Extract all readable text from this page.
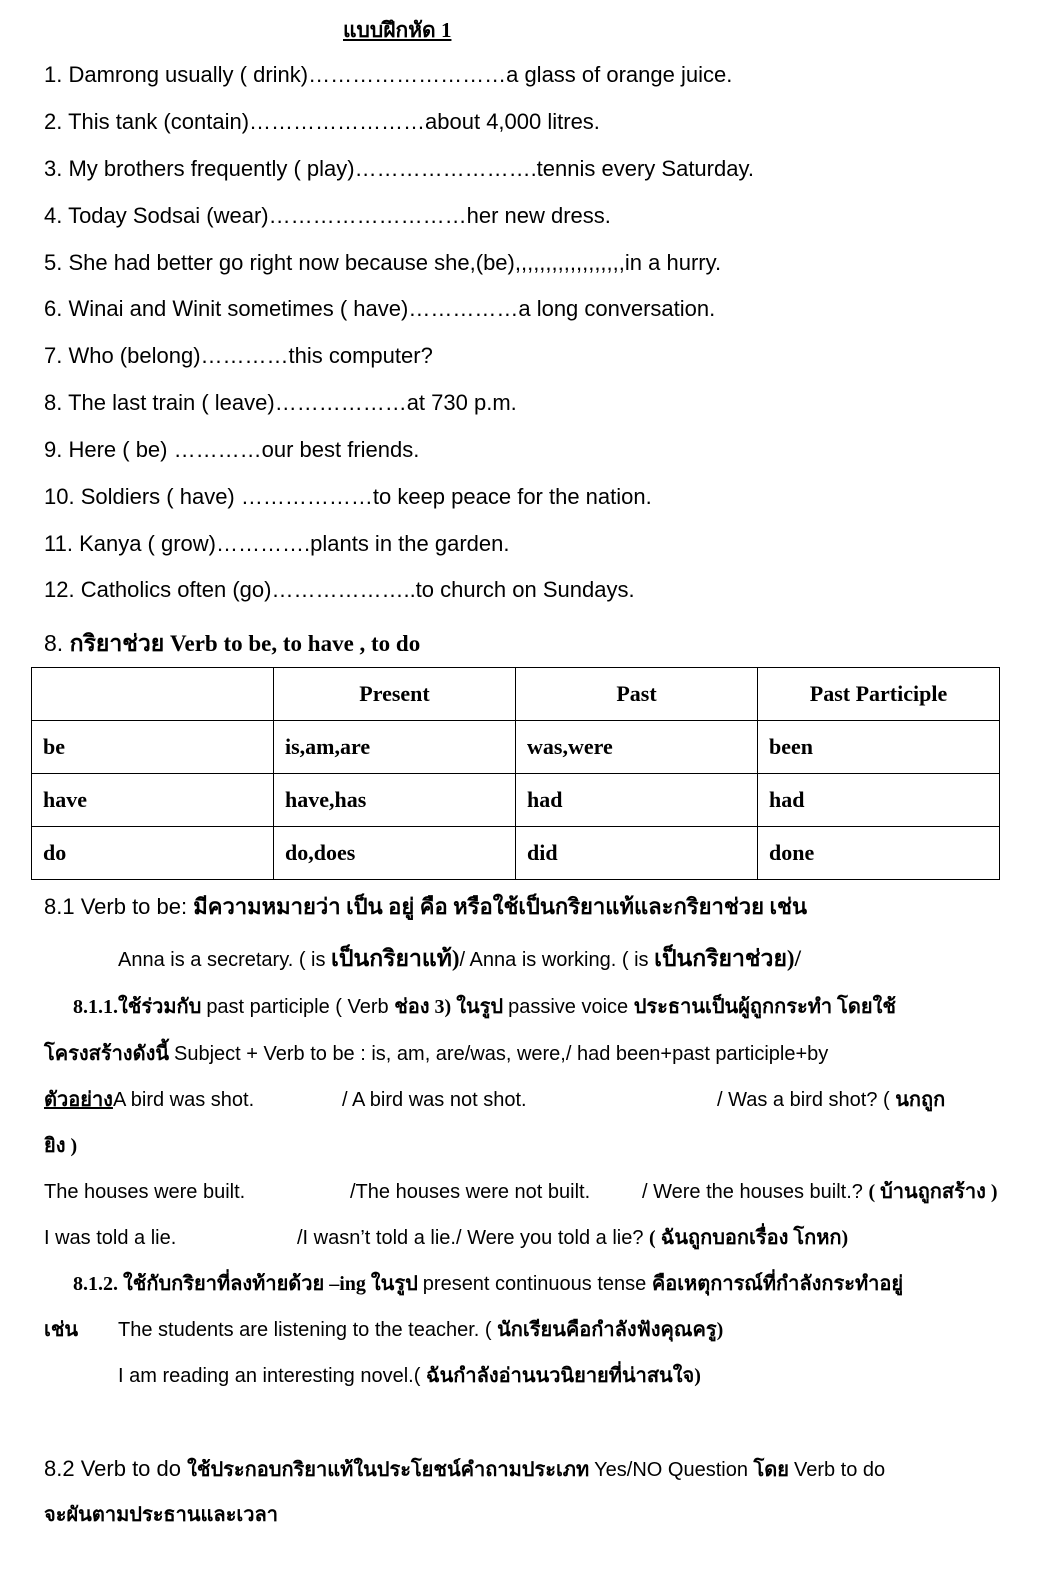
แบบฝึกหัด 1
1. Damrong usually ( drink)………………………a glass of orange juice.
2. This tank (contain)……………………about 4,000 litres.
3. My brothers frequently ( play)…………………….tennis every Saturday.
4. Today Sodsai (wear)………………………her new dress.
5. She had better go right now because she,(be),,,,,,,,,,,,,,,,,,in a hurry.
6. Winai and Winit sometimes ( have)……………a long conversation.
7. Who (belong)…………this computer?
8. The last train ( leave)………………at 730 p.m.
9. Here ( be) …………our best friends.
10. Soldiers ( have) ………………to keep peace for the nation.
11. Kanya ( grow)………….plants in the garden.
12. Catholics often (go)………………..to church on Sundays.
8. กริยาช่วย Verb to be, to have , to do
	Present	Past	Past Participle
be	is,am,are	was,were	been
have	have,has	had	had
do	do,does	did	done
8.1 Verb to be: มีความหมายว่า เป็น อยู่ คือ หรือใช้เป็นกริยาแท้และกริยาช่วย เช่น
Anna is a secretary. ( is เป็นกริยาแท้)/ Anna is working. ( is เป็นกริยาช่วย)/
8.1.1.ใช้ร่วมกับ past participle ( Verb ช่อง 3) ในรูป passive voice ประธานเป็นผู้ถูกกระทำ โดยใช้
โครงสร้างดังนี้ Subject + Verb to be : is, am, are/was, were,/ had been+past participle+by
ตัวอย่างA bird was shot.	/ A bird was not shot.	/ Was a bird shot? ( นกถูก
ยิง )
The houses were built.	/The houses were not built.	/ Were the houses built.? ( บ้านถูกสร้าง )
I was told a lie.	/I wasn’t told a lie./ Were you told a lie? ( ฉันถูกบอกเรื่อง โกหก)
8.1.2. ใช้กับกริยาที่ลงท้ายด้วย –ing ในรูป present continuous tense คือเหตุการณ์ที่กำลังกระทำอยู่
เช่น The students are listening to the teacher. ( นักเรียนคือกำลังฟังคุณครู)
I am reading an interesting novel.( ฉันกำลังอ่านนวนิยายที่น่าสนใจ)
8.2 Verb to do ใช้ประกอบกริยาแท้ในประโยชน์คำถามประเภท Yes/NO Question โดย Verb to do
จะผันตามประธานและเวลา
